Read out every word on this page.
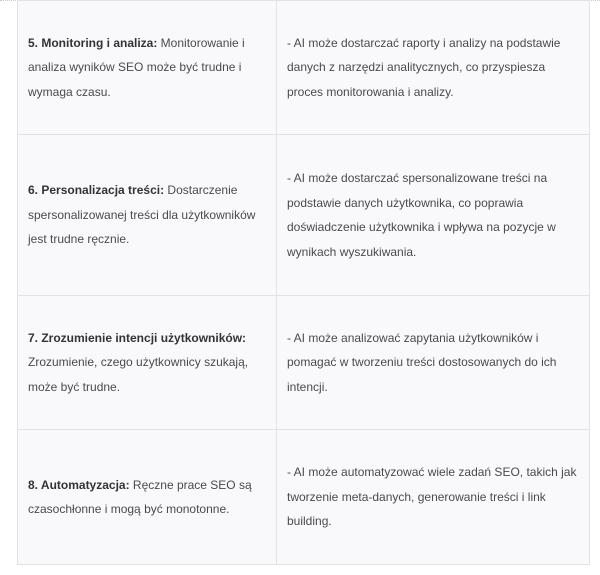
5. Monitoring i analiza: Monitorowanie i analiza wyników SEO może być trudne i wymaga czasu.	- AI może dostarczać raporty i analizy na podstawie danych z narzędzi analitycznych, co przyspiesza proces monitorowania i analizy.
6. Personalizacja treści: Dostarczenie spersonalizowanej treści dla użytkowników jest trudne ręcznie.	- AI może dostarczać spersonalizowane treści na podstawie danych użytkownika, co poprawia doświadczenie użytkownika i wpływa na pozycje w wynikach wyszukiwania.
7. Zrozumienie intencji użytkowników: Zrozumienie, czego użytkownicy szukają, może być trudne.	- AI może analizować zapytania użytkowników i pomagać w tworzeniu treści dostosowanych do ich intencji.
8. Automatyzacja: Ręczne prace SEO są czasochłonne i mogą być monotonne.	- AI może automatyzować wiele zadań SEO, takich jak tworzenie meta-danych, generowanie treści i link building.
